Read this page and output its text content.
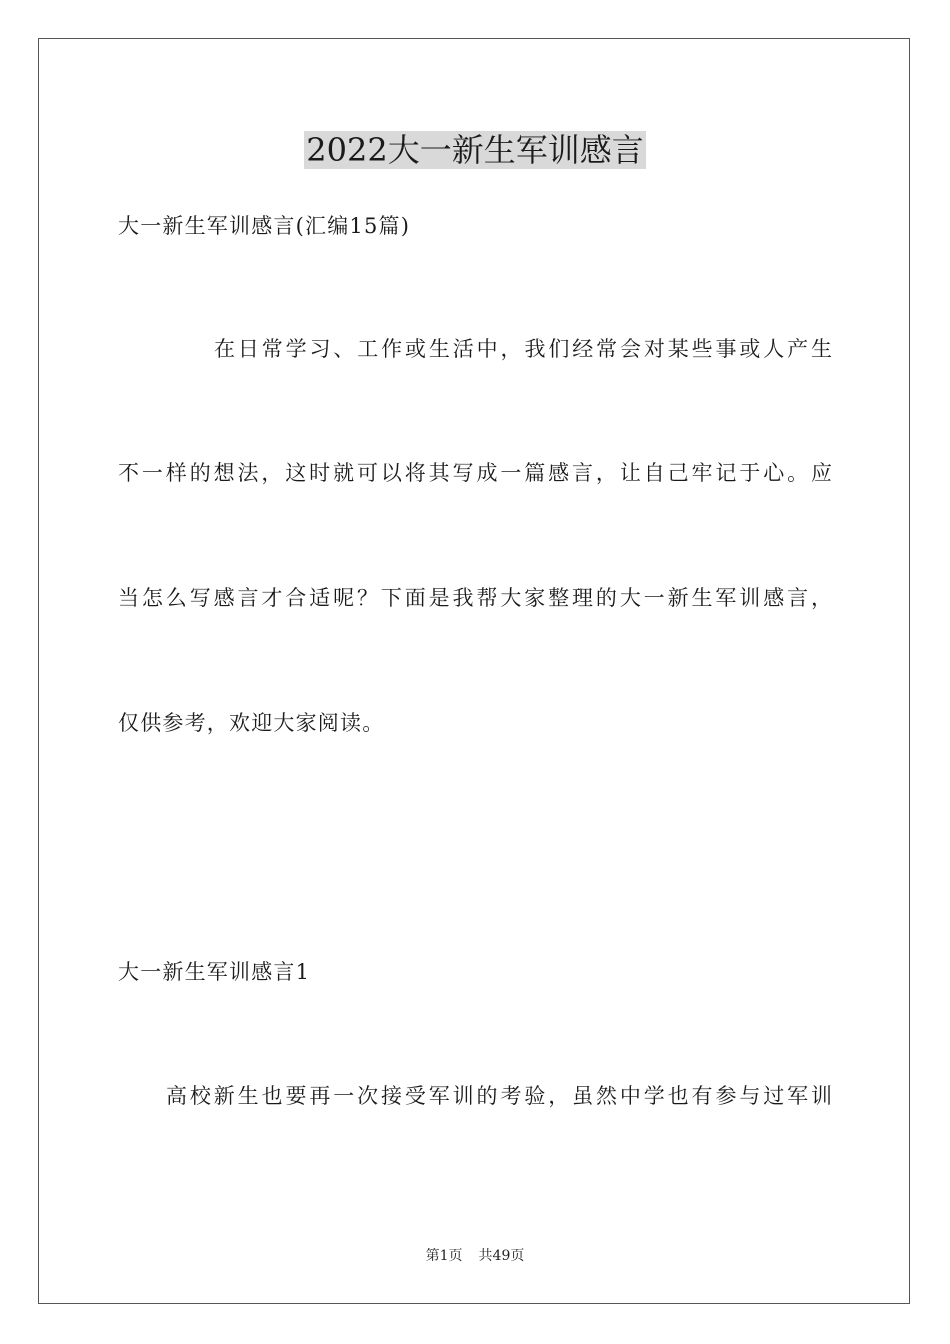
2022大一新生军训感言

大一新生军训感言(汇编15篇)

在日常学习、工作或生活中，我们经常会对某些事或人产生

不一样的想法，这时就可以将其写成一篇感言，让自己牢记于心。应

当怎么写感言才合适呢？下面是我帮大家整理的大一新生军训感言，

仅供参考，欢迎大家阅读。

大一新生军训感言1

高校新生也要再一次接受军训的考验，虽然中学也有参与过军训

第1页 共49页
